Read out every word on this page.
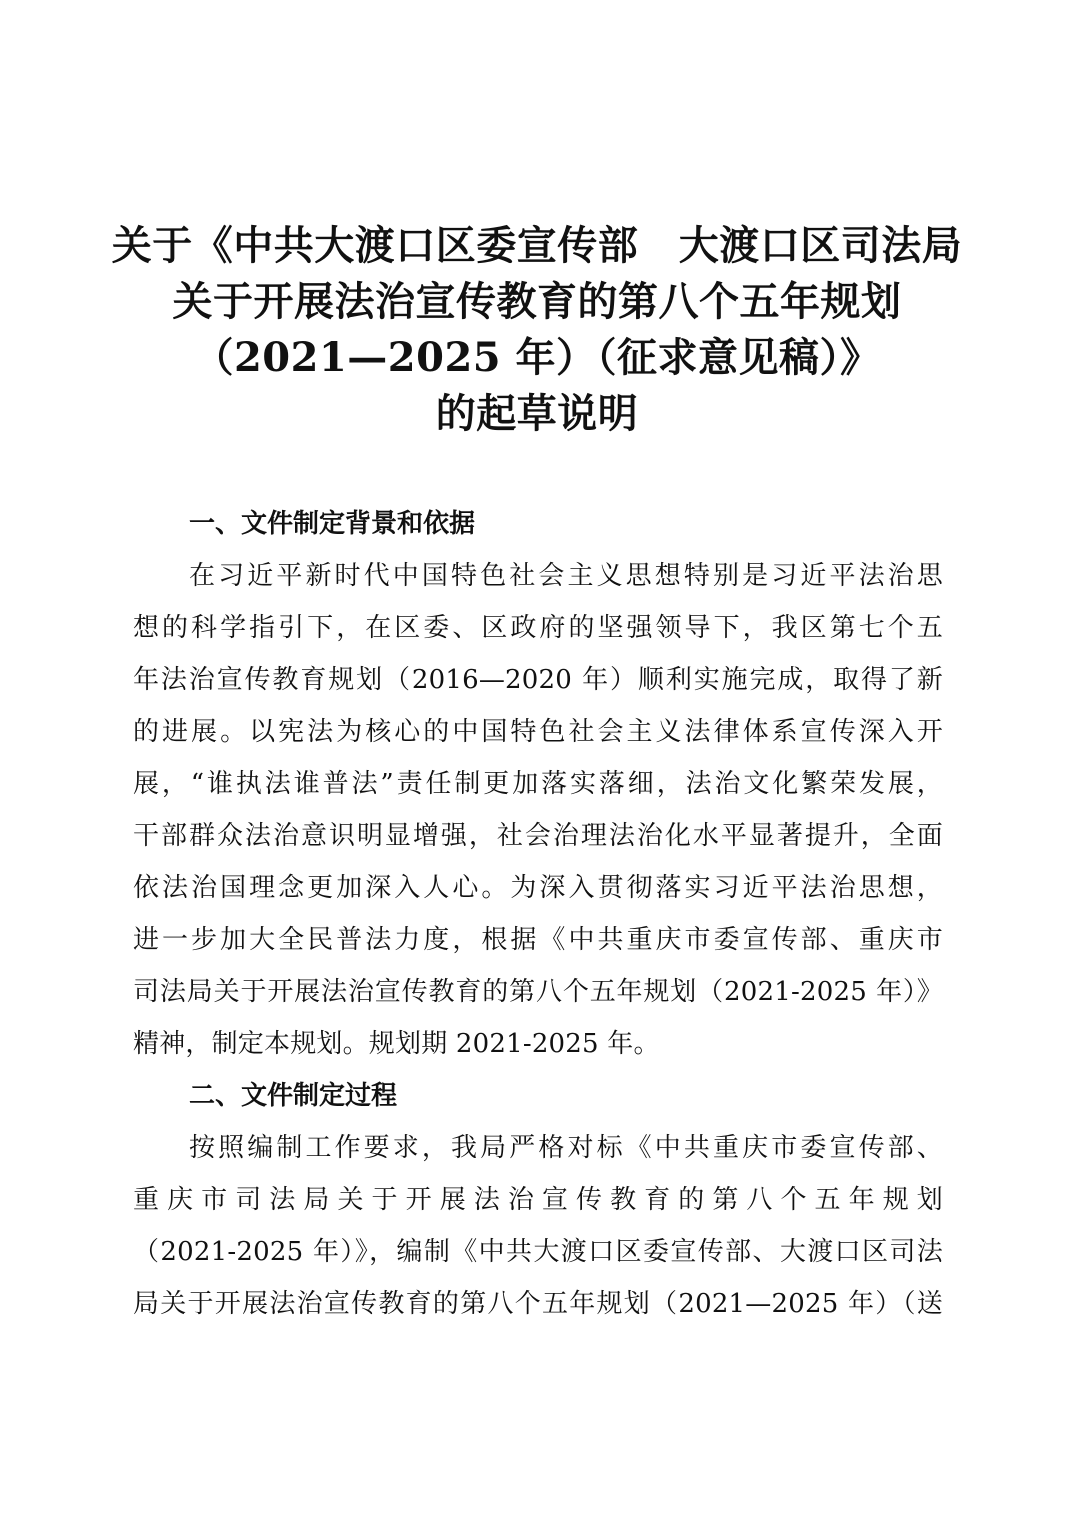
关于《中共大渡口区委宣传部　大渡口区司法局
关于开展法治宣传教育的第八个五年规划
（2021—2025 年）（征求意见稿）》
的起草说明
一、文件制定背景和依据
在习近平新时代中国特色社会主义思想特别是习近平法治思
想的科学指引下，在区委、区政府的坚强领导下，我区第七个五
年法治宣传教育规划（2016—2020 年）顺利实施完成，取得了新
的进展。以宪法为核心的中国特色社会主义法律体系宣传深入开
展，“谁执法谁普法”责任制更加落实落细，法治文化繁荣发展，
干部群众法治意识明显增强，社会治理法治化水平显著提升，全面
依法治国理念更加深入人心。为深入贯彻落实习近平法治思想，
进一步加大全民普法力度，根据《中共重庆市委宣传部、重庆市
司法局关于开展法治宣传教育的第八个五年规划（2021-2025 年）》
精神，制定本规划。规划期 2021-2025 年。
二、文件制定过程
按照编制工作要求，我局严格对标《中共重庆市委宣传部、
重庆市司法局关于开展法治宣传教育的第八个五年规划
（2021-2025 年）》，编制《中共大渡口区委宣传部、大渡口区司法
局关于开展法治宣传教育的第八个五年规划（2021—2025 年）（送
